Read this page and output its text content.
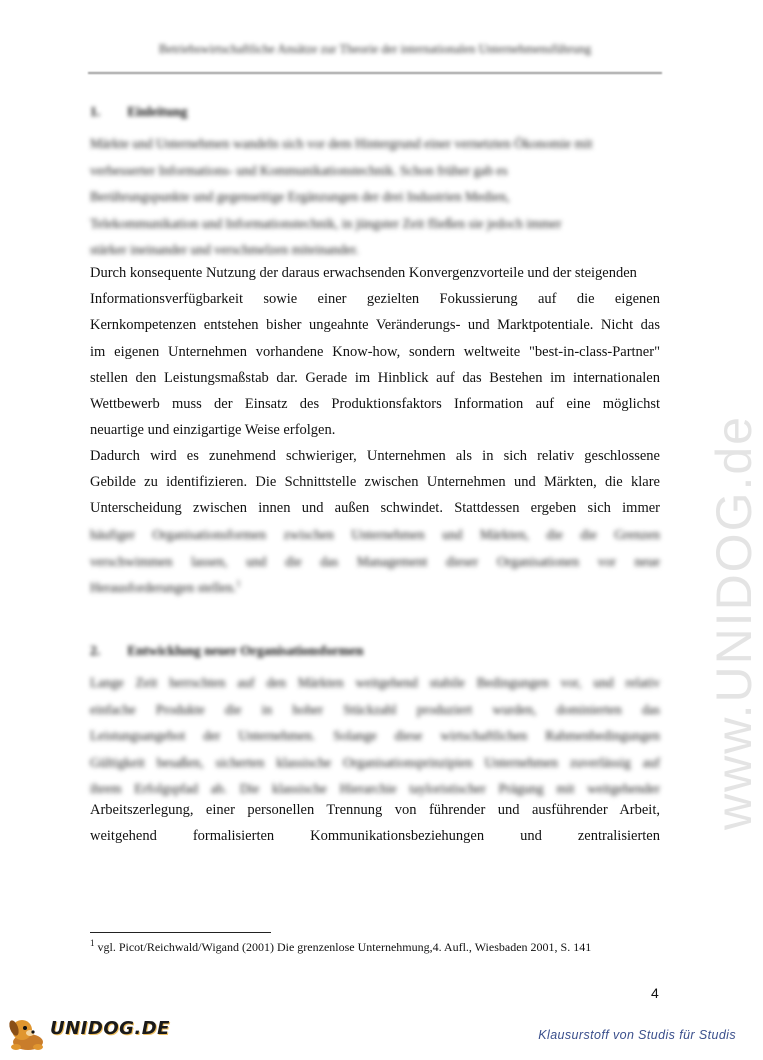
Betriebswirtschaftliche Ansätze zur Theorie der internationalen Unternehmensführung
1. Einleitung
Märkte und Unternehmen wandeln sich vor dem Hintergrund einer vernetzten Ökonomie mit
verbesserter Informations- und Kommunikationstechnik. Schon früher gab es
Berührungspunkte und gegenseitige Ergänzungen der drei Industrien Medien,
Telekommunikation und Informationstechnik, in jüngster Zeit fließen sie jedoch immer
stärker ineinander und verschmelzen miteinander.
Durch konsequente Nutzung der daraus erwachsenden Konvergenzvorteile und der steigenden
Informationsverfügbarkeit sowie einer gezielten Fokussierung auf die eigenen
Kernkompetenzen entstehen bisher ungeahnte Veränderungs- und Marktpotentiale. Nicht das
im eigenen Unternehmen vorhandene Know-how, sondern weltweite "best-in-class-Partner"
stellen den Leistungsmaßstab dar. Gerade im Hinblick auf das Bestehen im internationalen
Wettbewerb muss der Einsatz des Produktionsfaktors Information auf eine möglichst
neuartige und einzigartige Weise erfolgen.
Dadurch wird es zunehmend schwieriger, Unternehmen als in sich relativ geschlossene
Gebilde zu identifizieren. Die Schnittstelle zwischen Unternehmen und Märkten, die klare
Unterscheidung zwischen innen und außen schwindet. Stattdessen ergeben sich immer
häufiger Organisationsformen zwischen Unternehmen und Märkten, die die Grenzen
verschwimmen lassen, und die das Management dieser Organisationen vor neue
Herausforderungen stellen.$^1$
2. Entwicklung neuer Organisationsformen
Lange Zeit herrschten auf den Märkten weitgehend stabile Bedingungen vor, und relativ
einfache Produkte die in hoher Stückzahl produziert wurden, dominierten das
Leistungsangebot der Unternehmen. Solange diese wirtschaftlichen Rahmenbedingungen
Gültigkeit besaßen, sicherten klassische Organisationsprinzipien Unternehmen zuverlässig auf
ihrem Erfolgspfad ab. Die klassische Hierarchie tayloristischer Prägung mit weitgehender
Arbeitszerlegung, einer personellen Trennung von führender und ausführender Arbeit,
weitgehend formalisierten Kommunikationsbeziehungen und zentralisierten
www.UNIDOG.de
$^1$ vgl. Picot/Reichwald/Wigand (2001) Die grenzenlose Unternehmung,4. Aufl., Wiesbaden 2001, S. 141
4
UNIDOG.DE	Klausurstoff von Studis für Studis
